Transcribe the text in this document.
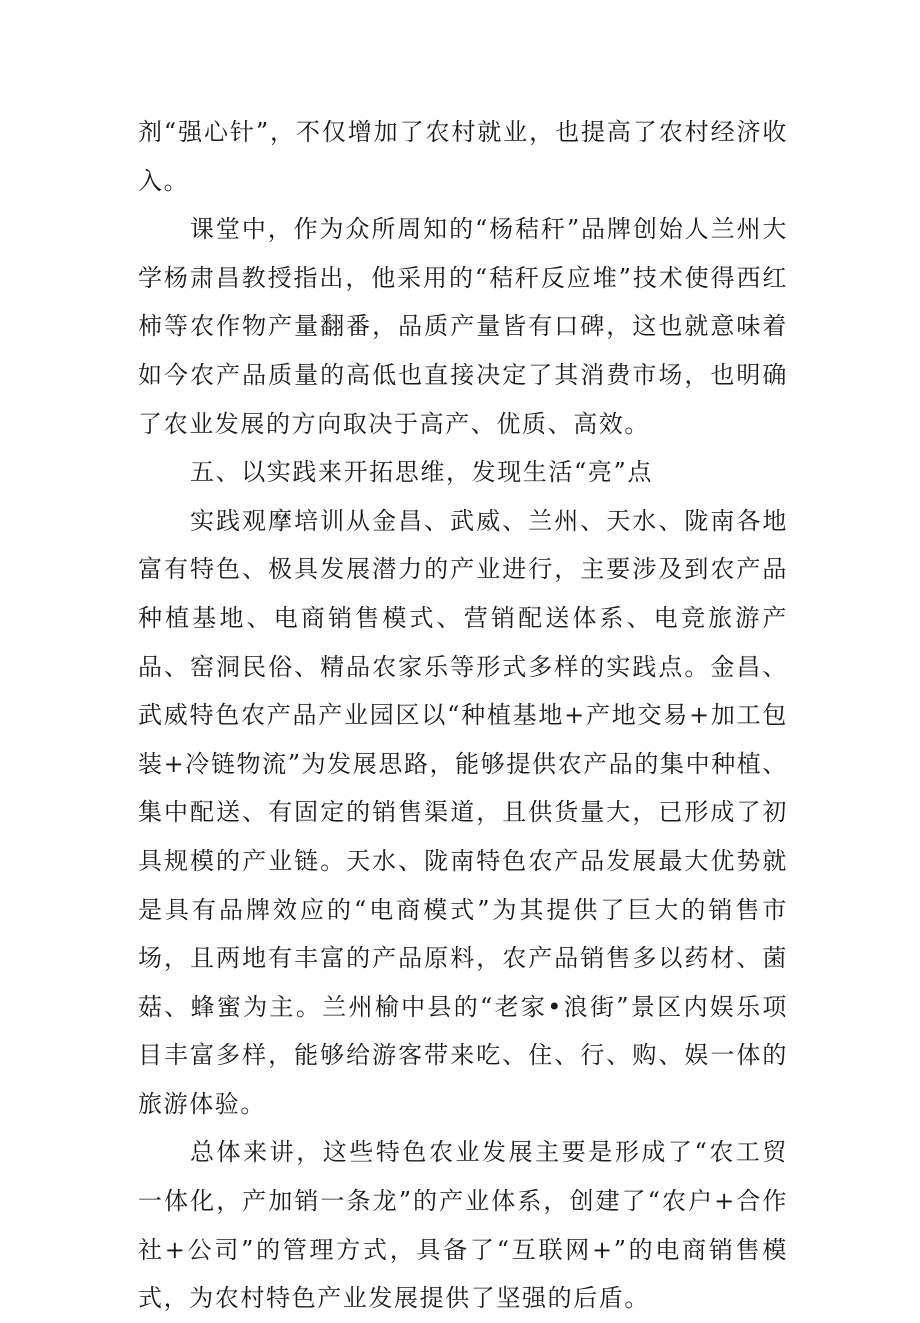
剂“强心针”，不仅增加了农村就业，也提高了农村经济收入。

课堂中，作为众所周知的“杨秸秆”品牌创始人兰州大学杨肃昌教授指出，他采用的“秸秆反应堆”技术使得西红柿等农作物产量翻番，品质产量皆有口碑，这也就意味着如今农产品质量的高低也直接决定了其消费市场，也明确了农业发展的方向取决于高产、优质、高效。

五、以实践来开拓思维，发现生活“亮”点

实践观摩培训从金昌、武威、兰州、天水、陇南各地富有特色、极具发展潜力的产业进行，主要涉及到农产品种植基地、电商销售模式、营销配送体系、电竞旅游产品、窑洞民俗、精品农家乐等形式多样的实践点。金昌、武威特色农产品产业园区以“种植基地+产地交易+加工包装+冷链物流”为发展思路，能够提供农产品的集中种植、集中配送、有固定的销售渠道，且供货量大，已形成了初具规模的产业链。天水、陇南特色农产品发展最大优势就是具有品牌效应的“电商模式”为其提供了巨大的销售市场，且两地有丰富的产品原料，农产品销售多以药材、菌菇、蜂蜜为主。兰州榆中县的“老家•浪街”景区内娱乐项目丰富多样，能够给游客带来吃、住、行、购、娱一体的旅游体验。

总体来讲，这些特色农业发展主要是形成了“农工贸一体化，产加销一条龙”的产业体系，创建了“农户+合作社+公司”的管理方式，具备了“互联网+”的电商销售模式，为农村特色产业发展提供了坚强的后盾。
